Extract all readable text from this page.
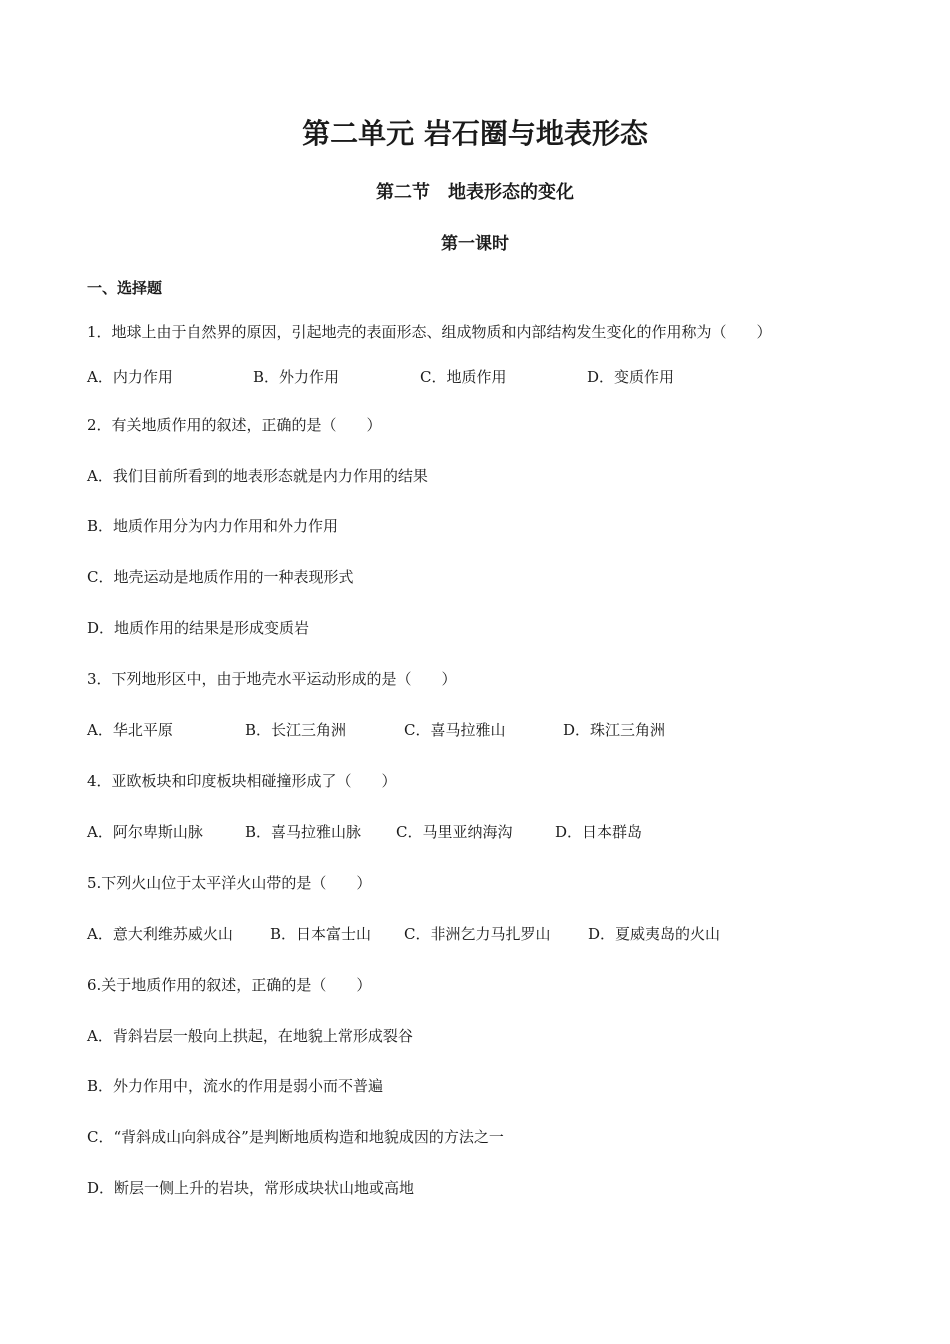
第二单元 岩石圈与地表形态
第二节　地表形态的变化
第一课时
一、选择题
1．地球上由于自然界的原因，引起地壳的表面形态、组成物质和内部结构发生变化的作用称为（　　）
A．内力作用	B．外力作用	C．地质作用	D．变质作用
2．有关地质作用的叙述，正确的是（　　）
A．我们目前所看到的地表形态就是内力作用的结果
B．地质作用分为内力作用和外力作用
C．地壳运动是地质作用的一种表现形式
D．地质作用的结果是形成变质岩
3．下列地形区中，由于地壳水平运动形成的是（　　）
A．华北平原	B．长江三角洲	C．喜马拉雅山	D．珠江三角洲
4．亚欧板块和印度板块相碰撞形成了（　　）
A．阿尔卑斯山脉	B．喜马拉雅山脉 C．马里亚纳海沟	D．日本群岛
5.下列火山位于太平洋火山带的是（　　）
A．意大利维苏威火山 B．日本富士山 C．非洲乞力马扎罗山	D．夏威夷岛的火山
6.关于地质作用的叙述，正确的是（　　）
A．背斜岩层一般向上拱起，在地貌上常形成裂谷
B．外力作用中，流水的作用是弱小而不普遍
C．“背斜成山向斜成谷”是判断地质构造和地貌成因的方法之一
D．断层一侧上升的岩块，常形成块状山地或高地
